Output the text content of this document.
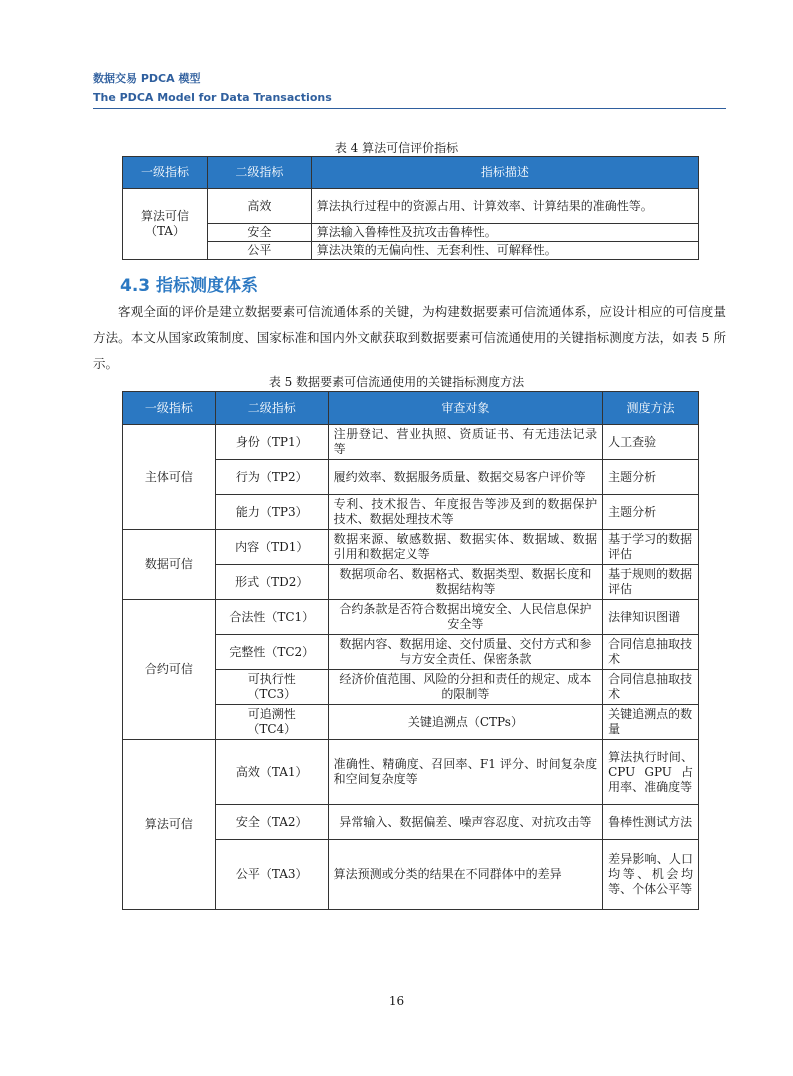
数据交易 PDCA 模型
The PDCA Model for Data Transactions
表 4 算法可信评价指标
一级指标	二级指标	指标描述
算法可信
（TA）	高效	算法执行过程中的资源占用、计算效率、计算结果的准确性等。
	安全	算法输入鲁棒性及抗攻击鲁棒性。
	公平	算法决策的无偏向性、无套利性、可解释性。
4.3 指标测度体系
客观全面的评价是建立数据要素可信流通体系的关键，为构建数据要素可信流通体系，应设计相应的可信度量方法。本文从国家政策制度、国家标准和国内外文献获取到数据要素可信流通使用的关键指标测度方法，如表 5 所示。
表 5 数据要素可信流通使用的关键指标测度方法
一级指标	二级指标	审查对象	测度方法
主体可信	身份（TP1）	注册登记、营业执照、资质证书、有无违法记录等	人工查验
	行为（TP2）	履约效率、数据服务质量、数据交易客户评价等	主题分析
	能力（TP3）	专利、技术报告、年度报告等涉及到的数据保护技术、数据处理技术等	主题分析
数据可信	内容（TD1）	数据来源、敏感数据、数据实体、数据域、数据引用和数据定义等	基于学习的数据评估
	形式（TD2）	数据项命名、数据格式、数据类型、数据长度和数据结构等	基于规则的数据评估
合约可信	合法性（TC1）	合约条款是否符合数据出境安全、人民信息保护安全等	法律知识图谱
	完整性（TC2）	数据内容、数据用途、交付质量、交付方式和参与方安全责任、保密条款	合同信息抽取技术
	可执行性
（TC3）	经济价值范围、风险的分担和责任的规定、成本的限制等	合同信息抽取技术
	可追溯性
（TC4）	关键追溯点（CTPs）	关键追溯点的数量
算法可信	高效（TA1）	准确性、精确度、召回率、F1 评分、时间复杂度和空间复杂度等	算法执行时间、CPU GPU 占用率、准确度等
	安全（TA2）	异常输入、数据偏差、噪声容忍度、对抗攻击等	鲁棒性测试方法
	公平（TA3）	算法预测或分类的结果在不同群体中的差异	差异影响、人口均等、机会均等、个体公平等
16
